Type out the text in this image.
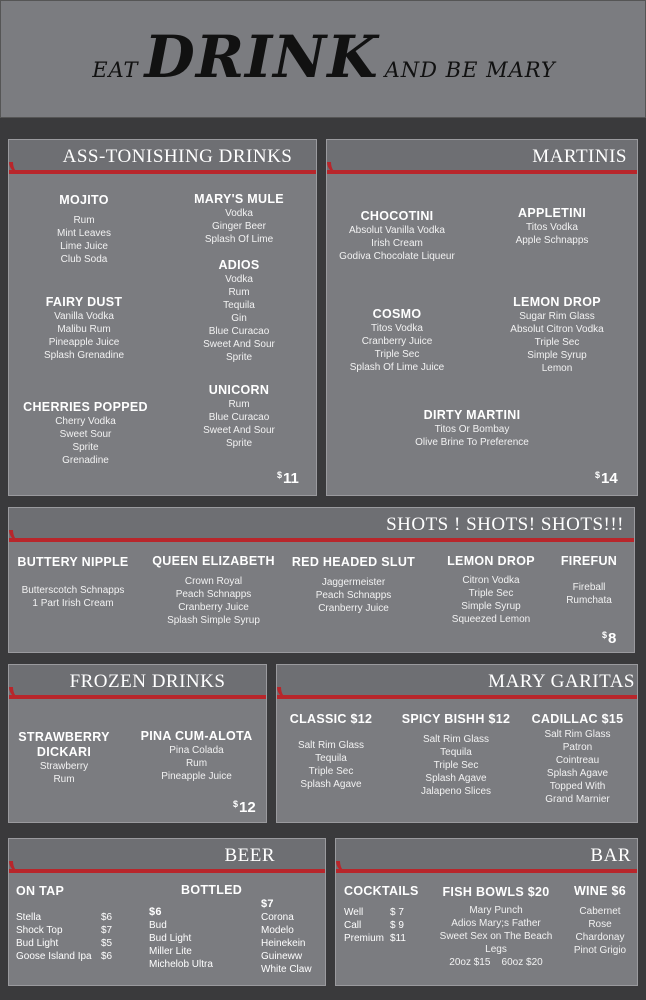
EAT DRINK AND BE MARY
ASS-TONISHING DRINKS
MOJITO
Rum
Mint Leaves
Lime Juice
Club Soda
FAIRY DUST
Vanilla Vodka
Malibu Rum
Pineapple Juice
Splash Grenadine
CHERRIES POPPED
Cherry Vodka
Sweet Sour
Sprite
Grenadine
MARY'S MULE
Vodka
Ginger Beer
Splash Of Lime
ADIOS
Vodka
Rum
Tequila
Gin
Blue Curacao
Sweet And Sour
Sprite
UNICORN
Rum
Blue Curacao
Sweet And Sour
Sprite
$11
MARTINIS
CHOCOTINI
Absolut Vanilla Vodka
Irish Cream
Godiva Chocolate Liqueur
APPLETINI
Titos Vodka
Apple Schnapps
COSMO
Titos Vodka
Cranberry Juice
Triple Sec
Splash Of Lime Juice
LEMON DROP
Sugar Rim Glass
Absolut Citron Vodka
Triple Sec
Simple Syrup
Lemon
DIRTY MARTINI
Titos Or Bombay
Olive Brine To Preference
$14
SHOTS ! SHOTS! SHOTS!!!
BUTTERY NIPPLE
Butterscotch Schnapps
1 Part Irish Cream
QUEEN ELIZABETH
Crown Royal
Peach Schnapps
Cranberry Juice
Splash Simple Syrup
RED HEADED SLUT
Jaggermeister
Peach Schnapps
Cranberry Juice
LEMON DROP
Citron Vodka
Triple Sec
Simple Syrup
Squeezed Lemon
FIREFUN
Fireball
Rumchata
$8
FROZEN DRINKS
STRAWBERRY DICKARI
Strawberry
Rum
PINA CUM-ALOTA
Pina Colada
Rum
Pineapple Juice
$12
MARY GARITAS
CLASSIC $12
Salt Rim Glass
Tequila
Triple Sec
Splash Agave
SPICY BISHH $12
Salt Rim Glass
Tequila
Triple Sec
Splash Agave
Jalapeno Slices
CADILLAC $15
Salt Rim Glass
Patron
Cointreau
Splash Agave
Topped With
Grand Marnier
BEER
ON TAP
Stella	$6
Shock Top	$7
Bud Light	$5
Goose Island Ipa $6
BOTTLED
$6
Bud
Bud Light
Miller Lite
Michelob Ultra
$7
Corona
Modelo
Heinekein
Guineww
White Claw
BAR
COCKTAILS
Well	$ 7
Call	$ 9
Premium $11
FISH BOWLS $20
Mary Punch
Adios Mary;s Father
Sweet Sex on The Beach Legs
20oz $15    60oz $20
WINE $6
Cabernet
Rose
Chardonay
Pinot Grigio
